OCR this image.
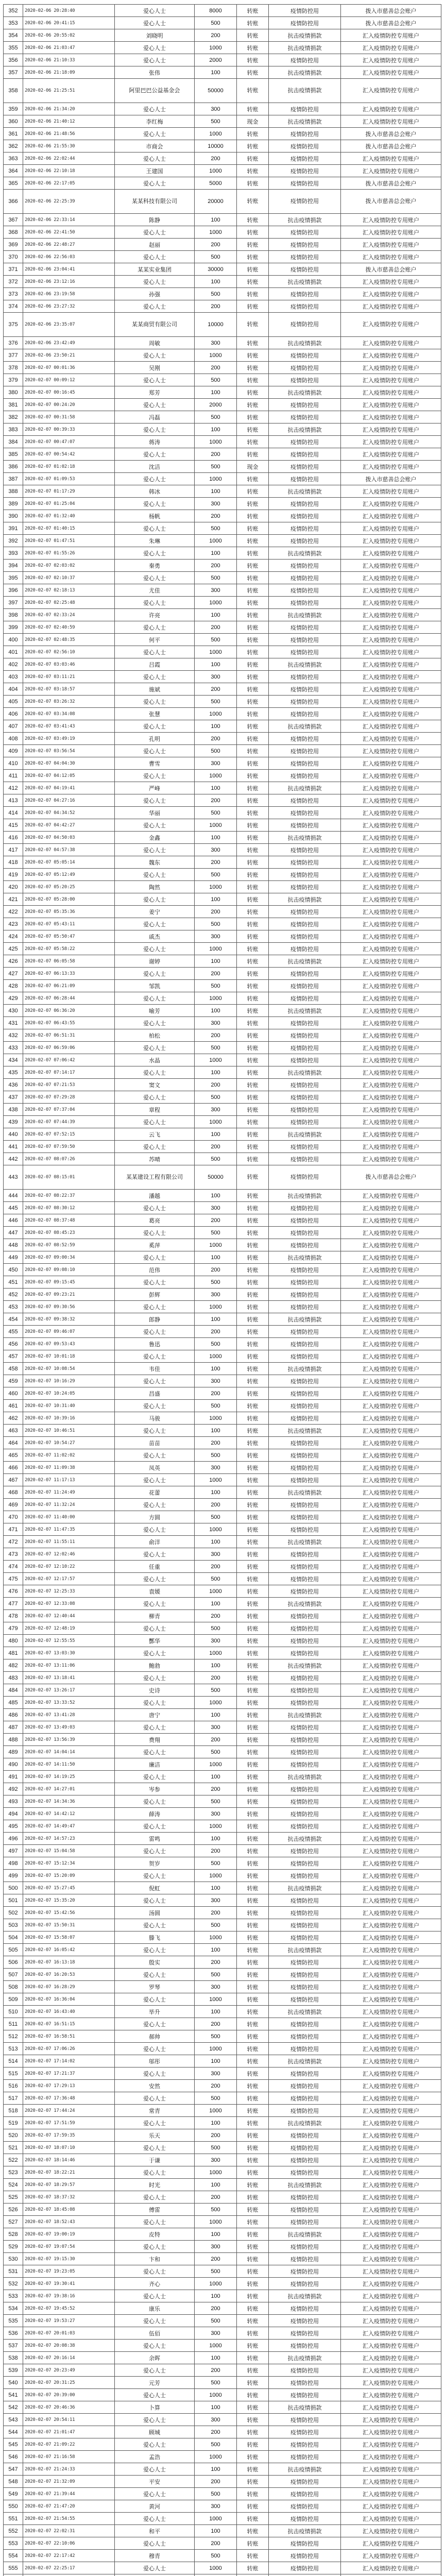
352	2020-02-06 20:28:40	爱心人士	8000	转账	疫情防控用	拨入市慈善总会账户
353	2020-02-06 20:41:15	爱心人士	500	转账	疫情防控用	拨入市慈善总会账户
354	2020-02-06 20:55:02	刘晓明	200	转账	抗击疫情捐款	汇入疫情防控专用账户
355	2020-02-06 21:03:47	爱心人士	1000	转账	抗击疫情捐款	汇入疫情防控专用账户
356	2020-02-06 21:10:33	爱心人士	2000	转账	疫情防控用	汇入疫情防控专用账户
357	2020-02-06 21:18:09	张伟	100	转账	抗击疫情捐款	汇入疫情防控专用账户
358	2020-02-06 21:25:51	阿里巴巴公益基金会	50000	转账	抗击疫情捐款	汇入疫情防控专用账户
359	2020-02-06 21:34:20	爱心人士	300	转账	疫情防控用	汇入疫情防控专用账户
360	2020-02-06 21:40:12	李红梅	500	现金	抗击疫情捐款	汇入疫情防控专用账户
361	2020-02-06 21:48:56	爱心人士	1000	转账	疫情防控用	拨入市慈善总会账户
362	2020-02-06 21:55:30	市商会	10000	转账	疫情防控用	拨入市慈善总会账户
363	2020-02-06 22:02:44	爱心人士	200	转账	疫情防控用	汇入疫情防控专用账户
364	2020-02-06 22:10:18	王建国	1000	转账	疫情防控用	汇入疫情防控专用账户
365	2020-02-06 22:17:05	爱心人士	5000	转账	疫情防控用	拨入市慈善总会账户
366	2020-02-06 22:25:39	某某科技有限公司	20000	转账	疫情防控用	拨入市慈善总会账户
367	2020-02-06 22:33:14	陈静	100	转账	抗击疫情捐款	汇入疫情防控专用账户
368	2020-02-06 22:41:50	爱心人士	1000	转账	疫情防控用	汇入疫情防控专用账户
369	2020-02-06 22:48:27	赵丽	200	转账	疫情防控用	汇入疫情防控专用账户
370	2020-02-06 22:56:03	爱心人士	500	转账	疫情防控用	汇入疫情防控专用账户
371	2020-02-06 23:04:41	某某实业集团	30000	转账	疫情防控用	拨入市慈善总会账户
372	2020-02-06 23:12:16	爱心人士	100	转账	抗击疫情捐款	汇入疫情防控专用账户
373	2020-02-06 23:19:58	孙强	500	转账	疫情防控用	汇入疫情防控专用账户
374	2020-02-06 23:27:32	爱心人士	200	转账	疫情防控用	汇入疫情防控专用账户
375	2020-02-06 23:35:07	某某商贸有限公司	10000	转账	疫情防控用	汇入疫情防控专用账户
376	2020-02-06 23:42:49	周敏	300	转账	抗击疫情捐款	汇入疫情防控专用账户
377	2020-02-06 23:50:21	爱心人士	1000	转账	疫情防控用	汇入疫情防控专用账户
378	2020-02-07 00:01:36	吴刚	200	转账	疫情防控用	汇入疫情防控专用账户
379	2020-02-07 00:09:12	爱心人士	500	转账	疫情防控用	汇入疫情防控专用账户
380	2020-02-07 00:16:45	郑芳	100	转账	抗击疫情捐款	汇入疫情防控专用账户
381	2020-02-07 00:24:20	爱心人士	2000	转账	疫情防控用	汇入疫情防控专用账户
382	2020-02-07 00:31:58	冯磊	500	转账	疫情防控用	汇入疫情防控专用账户
383	2020-02-07 00:39:33	爱心人士	100	转账	抗击疫情捐款	汇入疫情防控专用账户
384	2020-02-07 00:47:07	蒋涛	1000	转账	疫情防控用	汇入疫情防控专用账户
385	2020-02-07 00:54:42	爱心人士	200	转账	疫情防控用	汇入疫情防控专用账户
386	2020-02-07 01:02:18	沈洁	500	现金	疫情防控用	汇入疫情防控专用账户
387	2020-02-07 01:09:53	爱心人士	1000	转账	疫情防控用	拨入市慈善总会账户
388	2020-02-07 01:17:29	韩冰	100	转账	抗击疫情捐款	汇入疫情防控专用账户
389	2020-02-07 01:25:04	爱心人士	300	转账	疫情防控用	汇入疫情防控专用账户
390	2020-02-07 01:32:40	杨帆	200	转账	疫情防控用	汇入疫情防控专用账户
391	2020-02-07 01:40:15	爱心人士	500	转账	疫情防控用	汇入疫情防控专用账户
392	2020-02-07 01:47:51	朱琳	1000	转账	疫情防控用	汇入疫情防控专用账户
393	2020-02-07 01:55:26	爱心人士	100	转账	抗击疫情捐款	汇入疫情防控专用账户
394	2020-02-07 02:03:02	秦勇	200	转账	疫情防控用	汇入疫情防控专用账户
395	2020-02-07 02:10:37	爱心人士	500	转账	疫情防控用	汇入疫情防控专用账户
396	2020-02-07 02:18:13	尤佳	300	转账	疫情防控用	汇入疫情防控专用账户
397	2020-02-07 02:25:48	爱心人士	1000	转账	疫情防控用	汇入疫情防控专用账户
398	2020-02-07 02:33:24	许亮	100	转账	抗击疫情捐款	汇入疫情防控专用账户
399	2020-02-07 02:40:59	爱心人士	200	转账	疫情防控用	汇入疫情防控专用账户
400	2020-02-07 02:48:35	何平	500	转账	疫情防控用	汇入疫情防控专用账户
401	2020-02-07 02:56:10	爱心人士	1000	转账	疫情防控用	汇入疫情防控专用账户
402	2020-02-07 03:03:46	吕霞	100	转账	抗击疫情捐款	汇入疫情防控专用账户
403	2020-02-07 03:11:21	爱心人士	300	转账	疫情防控用	汇入疫情防控专用账户
404	2020-02-07 03:18:57	施斌	200	转账	疫情防控用	汇入疫情防控专用账户
405	2020-02-07 03:26:32	爱心人士	500	转账	疫情防控用	汇入疫情防控专用账户
406	2020-02-07 03:34:08	张慧	1000	转账	疫情防控用	汇入疫情防控专用账户
407	2020-02-07 03:41:43	爱心人士	100	转账	抗击疫情捐款	汇入疫情防控专用账户
408	2020-02-07 03:49:19	孔明	200	转账	疫情防控用	汇入疫情防控专用账户
409	2020-02-07 03:56:54	爱心人士	500	转账	疫情防控用	汇入疫情防控专用账户
410	2020-02-07 04:04:30	曹雪	300	转账	疫情防控用	汇入疫情防控专用账户
411	2020-02-07 04:12:05	爱心人士	1000	转账	疫情防控用	汇入疫情防控专用账户
412	2020-02-07 04:19:41	严峰	100	转账	抗击疫情捐款	汇入疫情防控专用账户
413	2020-02-07 04:27:16	爱心人士	200	转账	疫情防控用	汇入疫情防控专用账户
414	2020-02-07 04:34:52	华丽	500	转账	疫情防控用	汇入疫情防控专用账户
415	2020-02-07 04:42:27	爱心人士	1000	转账	疫情防控用	汇入疫情防控专用账户
416	2020-02-07 04:50:03	金鑫	100	转账	抗击疫情捐款	汇入疫情防控专用账户
417	2020-02-07 04:57:38	爱心人士	300	转账	疫情防控用	汇入疫情防控专用账户
418	2020-02-07 05:05:14	魏东	200	转账	疫情防控用	汇入疫情防控专用账户
419	2020-02-07 05:12:49	爱心人士	500	转账	疫情防控用	汇入疫情防控专用账户
420	2020-02-07 05:20:25	陶然	1000	转账	疫情防控用	汇入疫情防控专用账户
421	2020-02-07 05:28:00	爱心人士	100	转账	抗击疫情捐款	汇入疫情防控专用账户
422	2020-02-07 05:35:36	姜宁	200	转账	疫情防控用	汇入疫情防控专用账户
423	2020-02-07 05:43:11	爱心人士	500	转账	疫情防控用	汇入疫情防控专用账户
424	2020-02-07 05:50:47	戚杰	300	转账	疫情防控用	汇入疫情防控专用账户
425	2020-02-07 05:58:22	爱心人士	1000	转账	疫情防控用	汇入疫情防控专用账户
426	2020-02-07 06:05:58	谢婷	100	转账	抗击疫情捐款	汇入疫情防控专用账户
427	2020-02-07 06:13:33	爱心人士	200	转账	疫情防控用	汇入疫情防控专用账户
428	2020-02-07 06:21:09	邹凯	500	转账	疫情防控用	汇入疫情防控专用账户
429	2020-02-07 06:28:44	爱心人士	1000	转账	疫情防控用	汇入疫情防控专用账户
430	2020-02-07 06:36:20	喻芳	100	转账	抗击疫情捐款	汇入疫情防控专用账户
431	2020-02-07 06:43:55	爱心人士	300	转账	疫情防控用	汇入疫情防控专用账户
432	2020-02-07 06:51:31	柏松	200	转账	疫情防控用	汇入疫情防控专用账户
433	2020-02-07 06:59:06	爱心人士	500	转账	疫情防控用	汇入疫情防控专用账户
434	2020-02-07 07:06:42	水晶	1000	转账	疫情防控用	汇入疫情防控专用账户
435	2020-02-07 07:14:17	爱心人士	100	转账	抗击疫情捐款	汇入疫情防控专用账户
436	2020-02-07 07:21:53	窦文	200	转账	疫情防控用	汇入疫情防控专用账户
437	2020-02-07 07:29:28	爱心人士	500	转账	疫情防控用	汇入疫情防控专用账户
438	2020-02-07 07:37:04	章程	300	转账	疫情防控用	汇入疫情防控专用账户
439	2020-02-07 07:44:39	爱心人士	1000	转账	疫情防控用	汇入疫情防控专用账户
440	2020-02-07 07:52:15	云飞	100	转账	抗击疫情捐款	汇入疫情防控专用账户
441	2020-02-07 07:59:50	爱心人士	200	转账	疫情防控用	汇入疫情防控专用账户
442	2020-02-07 08:07:26	苏晴	500	转账	疫情防控用	汇入疫情防控专用账户
443	2020-02-07 08:15:01	某某建设工程有限公司	50000	转账	疫情防控用	拨入市慈善总会账户
444	2020-02-07 08:22:37	潘越	100	转账	抗击疫情捐款	汇入疫情防控专用账户
445	2020-02-07 08:30:12	爱心人士	300	转账	疫情防控用	汇入疫情防控专用账户
446	2020-02-07 08:37:48	葛亮	200	转账	疫情防控用	汇入疫情防控专用账户
447	2020-02-07 08:45:23	爱心人士	500	转账	疫情防控用	汇入疫情防控专用账户
448	2020-02-07 08:52:59	奚萍	1000	转账	疫情防控用	汇入疫情防控专用账户
449	2020-02-07 09:00:34	爱心人士	100	转账	抗击疫情捐款	汇入疫情防控专用账户
450	2020-02-07 09:08:10	范伟	200	转账	疫情防控用	汇入疫情防控专用账户
451	2020-02-07 09:15:45	爱心人士	500	转账	疫情防控用	汇入疫情防控专用账户
452	2020-02-07 09:23:21	彭辉	300	转账	疫情防控用	汇入疫情防控专用账户
453	2020-02-07 09:30:56	爱心人士	1000	转账	疫情防控用	汇入疫情防控专用账户
454	2020-02-07 09:38:32	郎静	100	转账	抗击疫情捐款	汇入疫情防控专用账户
455	2020-02-07 09:46:07	爱心人士	200	转账	疫情防控用	汇入疫情防控专用账户
456	2020-02-07 09:53:43	鲁迅	500	转账	疫情防控用	汇入疫情防控专用账户
457	2020-02-07 10:01:18	爱心人士	1000	转账	疫情防控用	汇入疫情防控专用账户
458	2020-02-07 10:08:54	韦佳	100	转账	抗击疫情捐款	汇入疫情防控专用账户
459	2020-02-07 10:16:29	爱心人士	300	转账	疫情防控用	汇入疫情防控专用账户
460	2020-02-07 10:24:05	昌盛	200	转账	疫情防控用	汇入疫情防控专用账户
461	2020-02-07 10:31:40	爱心人士	500	转账	疫情防控用	汇入疫情防控专用账户
462	2020-02-07 10:39:16	马骏	1000	转账	疫情防控用	汇入疫情防控专用账户
463	2020-02-07 10:46:51	爱心人士	100	转账	抗击疫情捐款	汇入疫情防控专用账户
464	2020-02-07 10:54:27	苗苗	200	转账	疫情防控用	汇入疫情防控专用账户
465	2020-02-07 11:02:02	爱心人士	500	转账	疫情防控用	汇入疫情防控专用账户
466	2020-02-07 11:09:38	凤英	300	转账	疫情防控用	汇入疫情防控专用账户
467	2020-02-07 11:17:13	爱心人士	1000	转账	疫情防控用	汇入疫情防控专用账户
468	2020-02-07 11:24:49	花蕾	100	转账	抗击疫情捐款	汇入疫情防控专用账户
469	2020-02-07 11:32:24	爱心人士	200	转账	疫情防控用	汇入疫情防控专用账户
470	2020-02-07 11:40:00	方圆	500	转账	疫情防控用	汇入疫情防控专用账户
471	2020-02-07 11:47:35	爱心人士	1000	转账	疫情防控用	汇入疫情防控专用账户
472	2020-02-07 11:55:11	俞洋	100	转账	抗击疫情捐款	汇入疫情防控专用账户
473	2020-02-07 12:02:46	爱心人士	300	转账	疫情防控用	汇入疫情防控专用账户
474	2020-02-07 12:10:22	任重	200	转账	疫情防控用	汇入疫情防控专用账户
475	2020-02-07 12:17:57	爱心人士	500	转账	疫情防控用	汇入疫情防控专用账户
476	2020-02-07 12:25:33	袁媛	1000	转账	疫情防控用	汇入疫情防控专用账户
477	2020-02-07 12:33:08	爱心人士	100	转账	抗击疫情捐款	汇入疫情防控专用账户
478	2020-02-07 12:40:44	柳青	200	转账	疫情防控用	汇入疫情防控专用账户
479	2020-02-07 12:48:19	爱心人士	500	转账	疫情防控用	汇入疫情防控专用账户
480	2020-02-07 12:55:55	酆华	300	转账	疫情防控用	汇入疫情防控专用账户
481	2020-02-07 13:03:30	爱心人士	1000	转账	疫情防控用	汇入疫情防控专用账户
482	2020-02-07 13:11:06	鲍勃	100	转账	抗击疫情捐款	汇入疫情防控专用账户
483	2020-02-07 13:18:41	爱心人士	200	转账	疫情防控用	汇入疫情防控专用账户
484	2020-02-07 13:26:17	史诗	500	转账	疫情防控用	汇入疫情防控专用账户
485	2020-02-07 13:33:52	爱心人士	1000	转账	疫情防控用	汇入疫情防控专用账户
486	2020-02-07 13:41:28	唐宁	100	转账	抗击疫情捐款	汇入疫情防控专用账户
487	2020-02-07 13:49:03	爱心人士	300	转账	疫情防控用	汇入疫情防控专用账户
488	2020-02-07 13:56:39	费翔	200	转账	疫情防控用	汇入疫情防控专用账户
489	2020-02-07 14:04:14	爱心人士	500	转账	疫情防控用	汇入疫情防控专用账户
490	2020-02-07 14:11:50	廉洁	1000	转账	疫情防控用	汇入疫情防控专用账户
491	2020-02-07 14:19:25	爱心人士	100	转账	抗击疫情捐款	汇入疫情防控专用账户
492	2020-02-07 14:27:01	岑参	200	转账	疫情防控用	汇入疫情防控专用账户
493	2020-02-07 14:34:36	爱心人士	500	转账	疫情防控用	汇入疫情防控专用账户
494	2020-02-07 14:42:12	薛涛	300	转账	疫情防控用	汇入疫情防控专用账户
495	2020-02-07 14:49:47	爱心人士	1000	转账	疫情防控用	汇入疫情防控专用账户
496	2020-02-07 14:57:23	雷鸣	100	转账	抗击疫情捐款	汇入疫情防控专用账户
497	2020-02-07 15:04:58	爱心人士	200	转账	疫情防控用	汇入疫情防控专用账户
498	2020-02-07 15:12:34	贺岁	500	转账	疫情防控用	汇入疫情防控专用账户
499	2020-02-07 15:20:09	爱心人士	1000	转账	疫情防控用	汇入疫情防控专用账户
500	2020-02-07 15:27:45	倪虹	100	转账	抗击疫情捐款	汇入疫情防控专用账户
501	2020-02-07 15:35:20	爱心人士	300	转账	疫情防控用	汇入疫情防控专用账户
502	2020-02-07 15:42:56	汤圆	200	转账	疫情防控用	汇入疫情防控专用账户
503	2020-02-07 15:50:31	爱心人士	500	转账	疫情防控用	汇入疫情防控专用账户
504	2020-02-07 15:58:07	滕飞	1000	转账	疫情防控用	汇入疫情防控专用账户
505	2020-02-07 16:05:42	爱心人士	100	转账	抗击疫情捐款	汇入疫情防控专用账户
506	2020-02-07 16:13:18	殷实	200	转账	疫情防控用	汇入疫情防控专用账户
507	2020-02-07 16:20:53	爱心人士	500	转账	疫情防控用	汇入疫情防控专用账户
508	2020-02-07 16:28:29	罗琴	300	转账	疫情防控用	汇入疫情防控专用账户
509	2020-02-07 16:36:04	爱心人士	1000	转账	疫情防控用	汇入疫情防控专用账户
510	2020-02-07 16:43:40	毕升	100	转账	抗击疫情捐款	汇入疫情防控专用账户
511	2020-02-07 16:51:15	爱心人士	200	转账	疫情防控用	汇入疫情防控专用账户
512	2020-02-07 16:58:51	郝帅	500	转账	疫情防控用	汇入疫情防控专用账户
513	2020-02-07 17:06:26	爱心人士	1000	转账	疫情防控用	汇入疫情防控专用账户
514	2020-02-07 17:14:02	邬彤	100	转账	抗击疫情捐款	汇入疫情防控专用账户
515	2020-02-07 17:21:37	爱心人士	300	转账	疫情防控用	汇入疫情防控专用账户
516	2020-02-07 17:29:13	安然	200	转账	疫情防控用	汇入疫情防控专用账户
517	2020-02-07 17:36:48	爱心人士	500	转账	疫情防控用	汇入疫情防控专用账户
518	2020-02-07 17:44:24	常青	1000	转账	疫情防控用	汇入疫情防控专用账户
519	2020-02-07 17:51:59	爱心人士	100	转账	抗击疫情捐款	汇入疫情防控专用账户
520	2020-02-07 17:59:35	乐天	200	转账	疫情防控用	汇入疫情防控专用账户
521	2020-02-07 18:07:10	爱心人士	500	转账	疫情防控用	汇入疫情防控专用账户
522	2020-02-07 18:14:46	于谦	300	转账	疫情防控用	汇入疫情防控专用账户
523	2020-02-07 18:22:21	爱心人士	1000	转账	疫情防控用	汇入疫情防控专用账户
524	2020-02-07 18:29:57	时光	100	转账	抗击疫情捐款	汇入疫情防控专用账户
525	2020-02-07 18:37:32	爱心人士	200	转账	疫情防控用	汇入疫情防控专用账户
526	2020-02-07 18:45:08	傅雷	500	转账	疫情防控用	汇入疫情防控专用账户
527	2020-02-07 18:52:43	爱心人士	1000	转账	疫情防控用	汇入疫情防控专用账户
528	2020-02-07 19:00:19	皮特	100	转账	抗击疫情捐款	汇入疫情防控专用账户
529	2020-02-07 19:07:54	爱心人士	300	转账	疫情防控用	汇入疫情防控专用账户
530	2020-02-07 19:15:30	卞和	200	转账	疫情防控用	汇入疫情防控专用账户
531	2020-02-07 19:23:05	爱心人士	500	转账	疫情防控用	汇入疫情防控专用账户
532	2020-02-07 19:30:41	齐心	1000	转账	疫情防控用	汇入疫情防控专用账户
533	2020-02-07 19:38:16	爱心人士	100	转账	抗击疫情捐款	汇入疫情防控专用账户
534	2020-02-07 19:45:52	康乐	200	转账	疫情防控用	汇入疫情防控专用账户
535	2020-02-07 19:53:27	爱心人士	500	转账	疫情防控用	汇入疫情防控专用账户
536	2020-02-07 20:01:03	伍佰	300	转账	疫情防控用	汇入疫情防控专用账户
537	2020-02-07 20:08:38	爱心人士	1000	转账	疫情防控用	汇入疫情防控专用账户
538	2020-02-07 20:16:14	余晖	100	转账	抗击疫情捐款	汇入疫情防控专用账户
539	2020-02-07 20:23:49	爱心人士	200	转账	疫情防控用	汇入疫情防控专用账户
540	2020-02-07 20:31:25	元芳	500	转账	疫情防控用	汇入疫情防控专用账户
541	2020-02-07 20:39:00	爱心人士	1000	转账	疫情防控用	汇入疫情防控专用账户
542	2020-02-07 20:46:36	卜算	100	转账	抗击疫情捐款	汇入疫情防控专用账户
543	2020-02-07 20:54:11	爱心人士	300	转账	疫情防控用	汇入疫情防控专用账户
544	2020-02-07 21:01:47	顾城	200	转账	疫情防控用	汇入疫情防控专用账户
545	2020-02-07 21:09:22	爱心人士	500	转账	疫情防控用	汇入疫情防控专用账户
546	2020-02-07 21:16:58	孟浩	1000	转账	疫情防控用	汇入疫情防控专用账户
547	2020-02-07 21:24:33	爱心人士	100	转账	抗击疫情捐款	汇入疫情防控专用账户
548	2020-02-07 21:32:09	平安	200	转账	疫情防控用	汇入疫情防控专用账户
549	2020-02-07 21:39:44	爱心人士	500	转账	疫情防控用	汇入疫情防控专用账户
550	2020-02-07 21:47:20	黄河	300	转账	疫情防控用	汇入疫情防控专用账户
551	2020-02-07 21:54:55	爱心人士	1000	转账	疫情防控用	汇入疫情防控专用账户
552	2020-02-07 22:02:31	和平	100	转账	抗击疫情捐款	汇入疫情防控专用账户
553	2020-02-07 22:10:06	爱心人士	200	转账	疫情防控用	汇入疫情防控专用账户
554	2020-02-07 22:17:42	穆青	500	转账	疫情防控用	汇入疫情防控专用账户
555	2020-02-07 22:25:17	爱心人士	1000	转账	疫情防控用	汇入疫情防控专用账户
